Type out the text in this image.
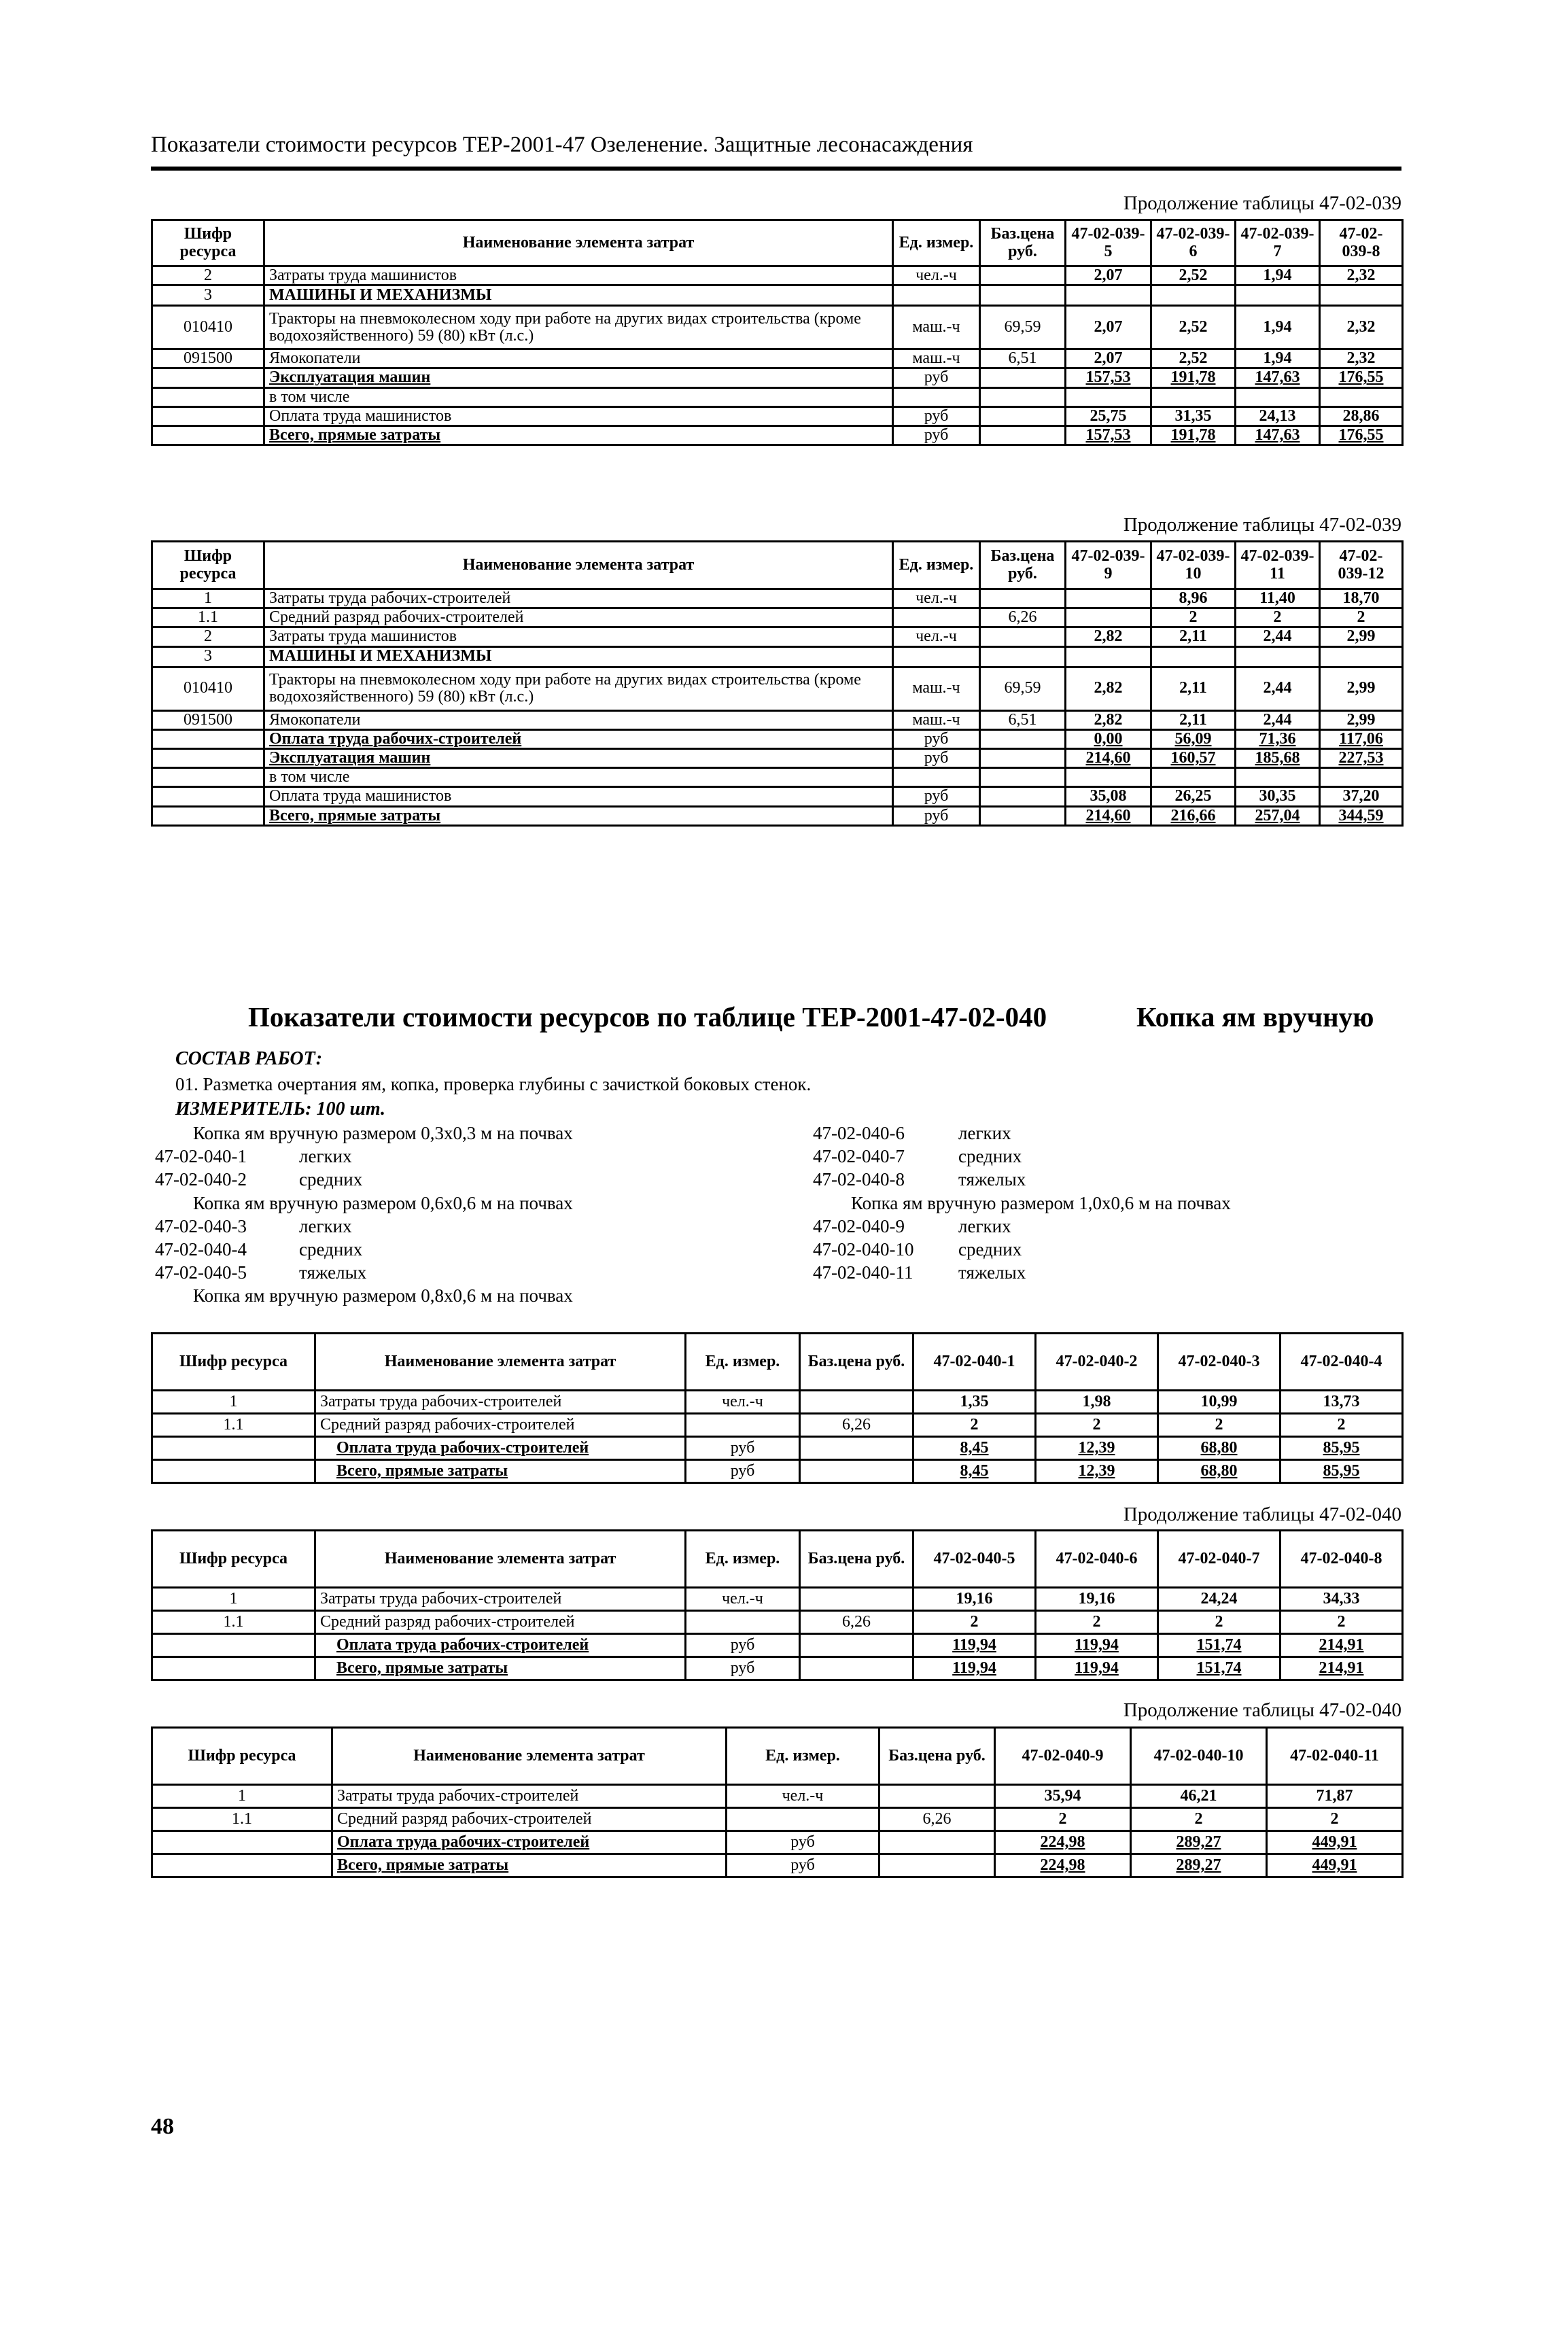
Показатели стоимости ресурсов ТЕР-2001-47 Озеленение. Защитные лесонасаждения
Продолжение таблицы 47-02-039
Шифр ресурса	Наименование элемента затрат	Ед. измер.	Баз.цена руб.	47-02-039-5	47-02-039-6	47-02-039-7	47-02-039-8
2	Затраты труда машинистов	чел.-ч		2,07	2,52	1,94	2,32
3	МАШИНЫ И МЕХАНИЗМЫ						
010410	Тракторы на пневмоколесном ходу при работе на других видах строительства (кроме водохозяйственного) 59 (80) кВт (л.с.)	маш.-ч	69,59	2,07	2,52	1,94	2,32
091500	Ямокопатели	маш.-ч	6,51	2,07	2,52	1,94	2,32
	Эксплуатация машин	руб		157,53	191,78	147,63	176,55
	в том числе						
	Оплата труда машинистов	руб		25,75	31,35	24,13	28,86
	Всего, прямые затраты	руб		157,53	191,78	147,63	176,55
Продолжение таблицы 47-02-039
Шифр ресурса	Наименование элемента затрат	Ед. измер.	Баз.цена руб.	47-02-039-9	47-02-039-10	47-02-039-11	47-02-039-12
1	Затраты труда рабочих-строителей	чел.-ч			8,96	11,40	18,70
1.1	Средний разряд рабочих-строителей		6,26		2	2	2
2	Затраты труда машинистов	чел.-ч		2,82	2,11	2,44	2,99
3	МАШИНЫ И МЕХАНИЗМЫ						
010410	Тракторы на пневмоколесном ходу при работе на других видах строительства (кроме водохозяйственного) 59 (80) кВт (л.с.)	маш.-ч	69,59	2,82	2,11	2,44	2,99
091500	Ямокопатели	маш.-ч	6,51	2,82	2,11	2,44	2,99
	Оплата труда рабочих-строителей	руб		0,00	56,09	71,36	117,06
	Эксплуатация машин	руб		214,60	160,57	185,68	227,53
	в том числе						
	Оплата труда машинистов	руб		35,08	26,25	30,35	37,20
	Всего, прямые затраты	руб		214,60	216,66	257,04	344,59
Показатели стоимости ресурсов по таблице ТЕР-2001-47-02-040	Копка ям вручную
СОСТАВ РАБОТ:
01. Разметка очертания ям, копка, проверка глубины с зачисткой боковых стенок.
ИЗМЕРИТЕЛЬ: 100 шт.
Копка ям вручную размером 0,3х0,3 м на почвах
47-02-040-1	легких
47-02-040-2	средних
Копка ям вручную размером 0,6х0,6 м на почвах
47-02-040-3	легких
47-02-040-4	средних
47-02-040-5	тяжелых
Копка ям вручную размером 0,8х0,6 м на почвах
47-02-040-6	легких
47-02-040-7	средних
47-02-040-8	тяжелых
Копка ям вручную размером 1,0х0,6 м на почвах
47-02-040-9	легких
47-02-040-10 средних
47-02-040-11 тяжелых
Шифр ресурса	Наименование элемента затрат	Ед. измер.	Баз.цена руб.	47-02-040-1	47-02-040-2	47-02-040-3	47-02-040-4
1	Затраты труда рабочих-строителей	чел.-ч		1,35	1,98	10,99	13,73
1.1	Средний разряд рабочих-строителей		6,26	2	2	2	2
	Оплата труда рабочих-строителей	руб		8,45	12,39	68,80	85,95
	Всего, прямые затраты	руб		8,45	12,39	68,80	85,95
Продолжение таблицы 47-02-040
Шифр ресурса	Наименование элемента затрат	Ед. измер.	Баз.цена руб.	47-02-040-5	47-02-040-6	47-02-040-7	47-02-040-8
1	Затраты труда рабочих-строителей	чел.-ч		19,16	19,16	24,24	34,33
1.1	Средний разряд рабочих-строителей		6,26	2	2	2	2
	Оплата труда рабочих-строителей	руб		119,94	119,94	151,74	214,91
	Всего, прямые затраты	руб		119,94	119,94	151,74	214,91
Продолжение таблицы 47-02-040
Шифр ресурса	Наименование элемента затрат	Ед. измер.	Баз.цена руб.	47-02-040-9	47-02-040-10	47-02-040-11
1	Затраты труда рабочих-строителей	чел.-ч		35,94	46,21	71,87
1.1	Средний разряд рабочих-строителей		6,26	2	2	2
	Оплата труда рабочих-строителей	руб		224,98	289,27	449,91
	Всего, прямые затраты	руб		224,98	289,27	449,91
48
